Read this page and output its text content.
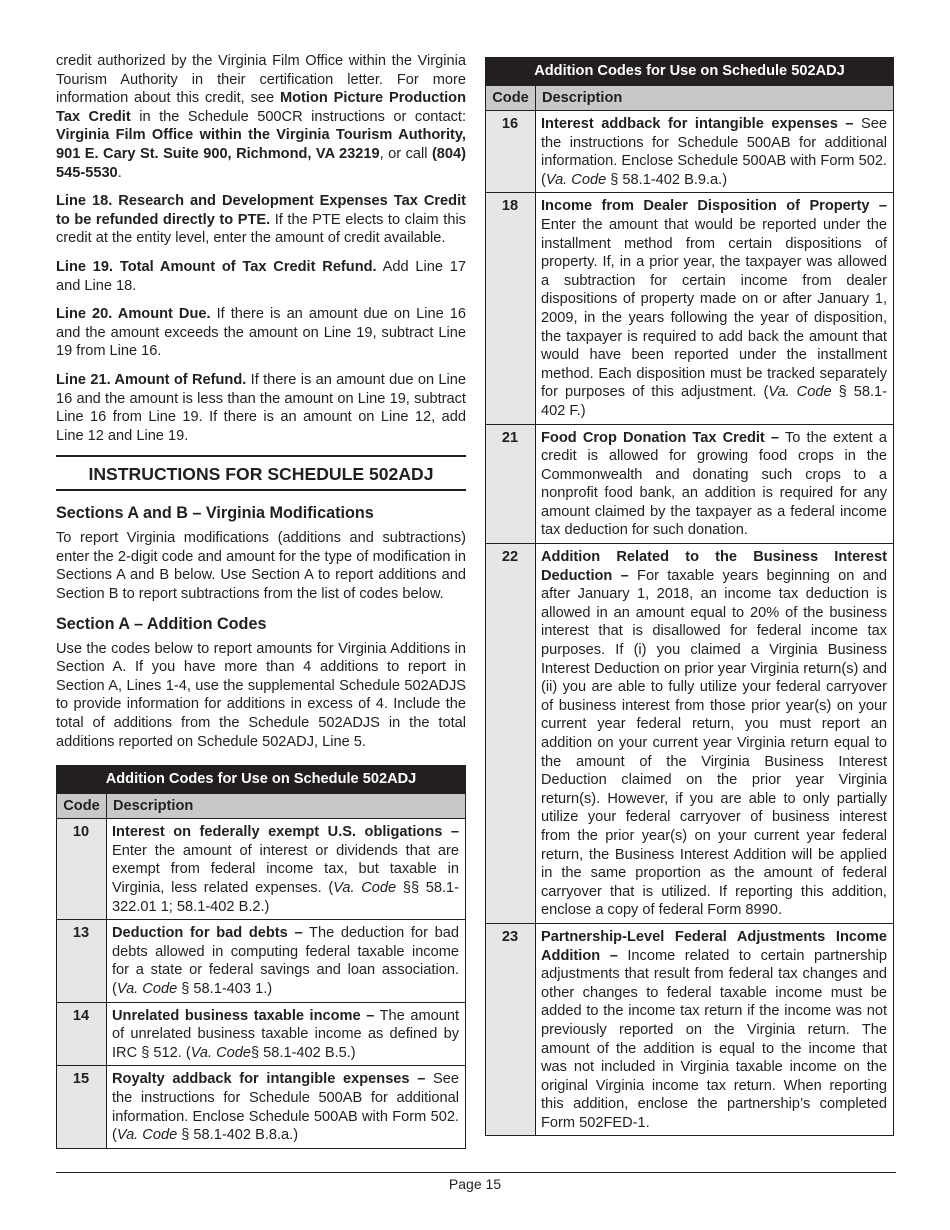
credit authorized by the Virginia Film Office within the Virginia Tourism Authority in their certification letter. For more information about this credit, see Motion Picture Production Tax Credit in the Schedule 500CR instructions or contact: Virginia Film Office within the Virginia Tourism Authority, 901 E. Cary St. Suite 900, Richmond, VA 23219, or call (804) 545-5530.

Line 18. Research and Development Expenses Tax Credit to be refunded directly to PTE. If the PTE elects to claim this credit at the entity level, enter the amount of credit available.

Line 19. Total Amount of Tax Credit Refund. Add Line 17 and Line 18.

Line 20. Amount Due. If there is an amount due on Line 16 and the amount exceeds the amount on Line 19, subtract Line 19 from Line 16.

Line 21. Amount of Refund. If there is an amount due on Line 16 and the amount is less than the amount on Line 19, subtract Line 16 from Line 19. If there is an amount on Line 12, add Line 12 and Line 19.

INSTRUCTIONS FOR SCHEDULE 502ADJ
Sections A and B – Virginia Modifications

To report Virginia modifications (additions and subtractions) enter the 2-digit code and amount for the type of modification in Sections A and B below. Use Section A to report additions and Section B to report subtractions from the list of codes below.

Section A – Addition Codes

Use the codes below to report amounts for Virginia Additions in Section A. If you have more than 4 additions to report in Section A, Lines 1-4, use the supplemental Schedule 502ADJS to provide information for additions in excess of 4. Include the total of additions from the Schedule 502ADJS in the total additions reported on Schedule 502ADJ, Line 5.

Addition Codes for Use on Schedule 502ADJ	
Code	Description
10	Interest on federally exempt U.S. obligations – Enter the amount of interest or dividends that are exempt from federal income tax, but taxable in Virginia, less related expenses. (Va. Code §§ 58.1-322.01 1; 58.1-402 B.2.)
13	Deduction for bad debts – The deduction for bad debts allowed in computing federal taxable income for a state or federal savings and loan association. (Va. Code § 58.1-403 1.)
14	Unrelated business taxable income – The amount of unrelated business taxable income as defined by IRC § 512. (Va. Code§ 58.1-402 B.5.)
15	Royalty addback for intangible expenses – See the instructions for Schedule 500AB for additional information. Enclose Schedule 500AB with Form 502. (Va. Code § 58.1-402 B.8.a.)
Addition Codes for Use on Schedule 502ADJ	
Code	Description
16	Interest addback for intangible expenses – See the instructions for Schedule 500AB for additional information. Enclose Schedule 500AB with Form 502. (Va. Code § 58.1-402 B.9.a.)
18	Income from Dealer Disposition of Property – Enter the amount that would be reported under the installment method from certain dispositions of property. If, in a prior year, the taxpayer was allowed a subtraction for certain income from dealer dispositions of property made on or after January 1, 2009, in the years following the year of disposition, the taxpayer is required to add back the amount that would have been reported under the installment method. Each disposition must be tracked separately for purposes of this adjustment. (Va. Code § 58.1-402 F.)
21	Food Crop Donation Tax Credit – To the extent a credit is allowed for growing food crops in the Commonwealth and donating such crops to a nonprofit food bank, an addition is required for any amount claimed by the taxpayer as a federal income tax deduction for such donation.
22	Addition Related to the Business Interest Deduction – For taxable years beginning on and after January 1, 2018, an income tax deduction is allowed in an amount equal to 20% of the business interest that is disallowed for federal income tax purposes. If (i) you claimed a Virginia Business Interest Deduction on prior year Virginia return(s) and (ii) you are able to fully utilize your federal carryover of business interest from those prior year(s) on your current year federal return, you must report an addition on your current year Virginia return equal to the amount of the Virginia Business Interest Deduction claimed on the prior year Virginia return(s). However, if you are able to only partially utilize your federal carryover of business interest from the prior year(s) on your current year federal return, the Business Interest Addition will be applied in the same proportion as the amount of federal carryover that is utilized. If reporting this addition, enclose a copy of federal Form 8990.
23	Partnership-Level Federal Adjustments Income Addition – Income related to certain partnership adjustments that result from federal tax changes and other changes to federal taxable income must be added to the income tax return if the income was not previously reported on the Virginia return. The amount of the addition is equal to the income that was not included in Virginia taxable income on the original Virginia income tax return. When reporting this addition, enclose the partnership’s completed Form 502FED-1.
Page 15
